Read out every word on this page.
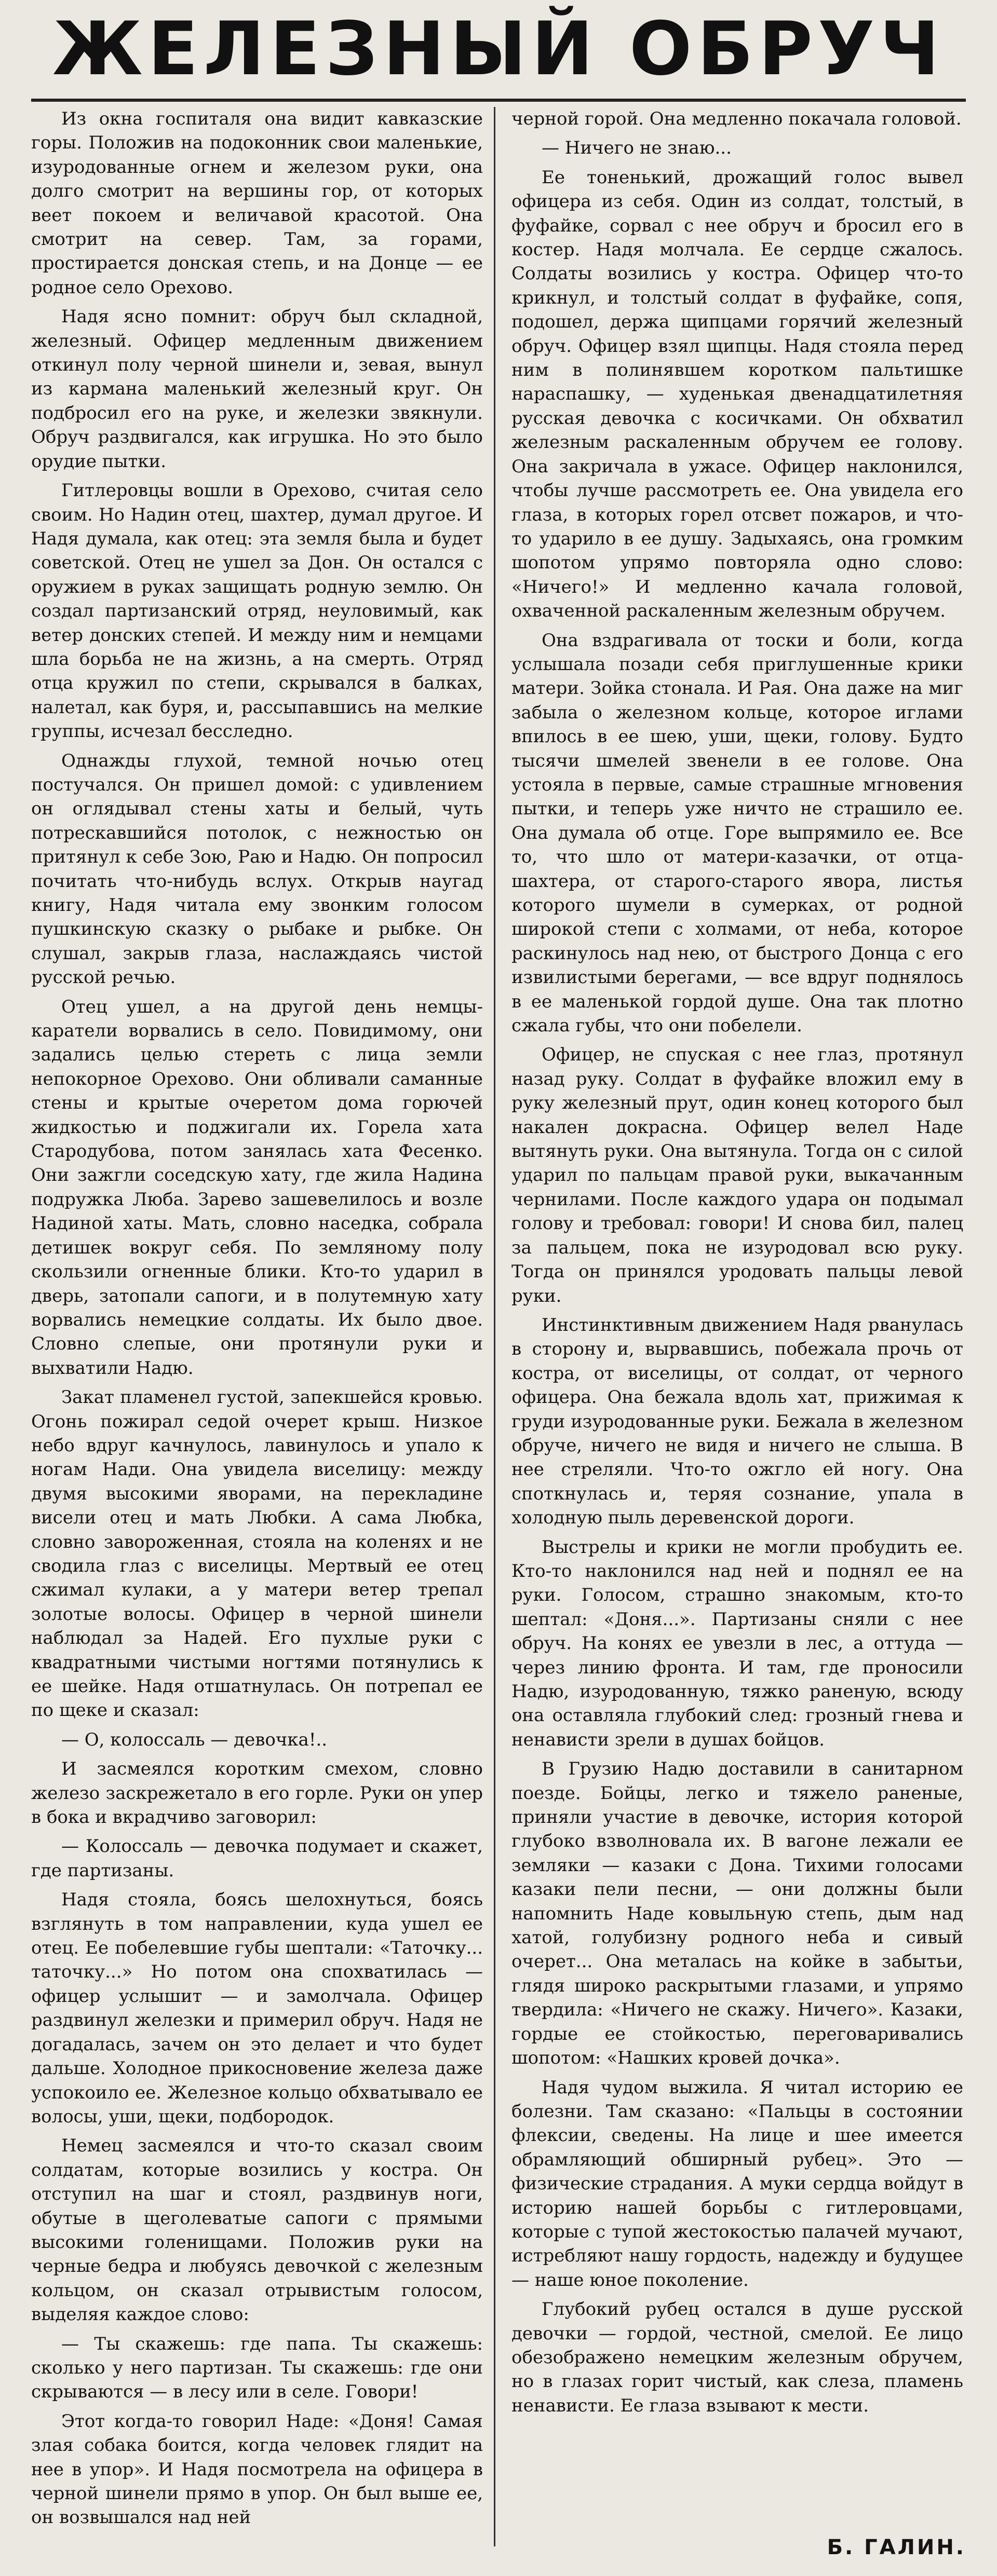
ЖЕЛЕЗНЫЙ ОБРУЧ

Из окна госпиталя она видит кавказские горы. Положив на подоконник свои маленькие, изуродованные огнем и железом руки, она долго смотрит на вершины гор, от которых веет покоем и величавой красотой. Она смотрит на север. Там, за горами, простирается донская степь, и на Донце — ее родное село Орехово.

Надя ясно помнит: обруч был складной, железный. Офицер медленным движением откинул полу черной шинели и, зевая, вынул из кармана маленький железный круг. Он подбросил его на руке, и железки звякнули. Обруч раздвигался, как игрушка. Но это было орудие пытки.

Гитлеровцы вошли в Орехово, считая село своим. Но Надин отец, шахтер, думал другое. И Надя думала, как отец: эта земля была и будет советской. Отец не ушел за Дон. Он остался с оружием в руках защищать родную землю. Он создал партизанский отряд, неуловимый, как ветер донских степей. И между ним и немцами шла борьба не на жизнь, а на смерть. Отряд отца кружил по степи, скрывался в балках, налетал, как буря, и, рассыпавшись на мелкие группы, исчезал бесследно.

Однажды глухой, темной ночью отец постучался. Он пришел домой: с удивлением он оглядывал стены хаты и белый, чуть потрескавшийся потолок, с нежностью он притянул к себе Зою, Раю и Надю. Он попросил почитать что-нибудь вслух. Открыв наугад книгу, Надя читала ему звонким голосом пушкинскую сказку о рыбаке и рыбке. Он слушал, закрыв глаза, наслаждаясь чистой русской речью.

Отец ушел, а на другой день немцы-каратели ворвались в село. Повидимому, они задались целью стереть с лица земли непокорное Орехово. Они обливали саманные стены и крытые очеретом дома горючей жидкостью и поджигали их. Горела хата Стародубова, потом занялась хата Фесенко. Они зажгли соседскую хату, где жила Надина подружка Люба. Зарево зашевелилось и возле Надиной хаты. Мать, словно наседка, собрала детишек вокруг себя. По земляному полу скользили огненные блики. Кто-то ударил в дверь, затопали сапоги, и в полутемную хату ворвались немецкие солдаты. Их было двое. Словно слепые, они протянули руки и выхватили Надю.

Закат пламенел густой, запекшейся кровью. Огонь пожирал седой очерет крыш. Низкое небо вдруг качнулось, лавинулось и упало к ногам Нади. Она увидела виселицу: между двумя высокими яворами, на перекладине висели отец и мать Любки. А сама Любка, словно завороженная, стояла на коленях и не сводила глаз с виселицы. Мертвый ее отец сжимал кулаки, а у матери ветер трепал золотые волосы. Офицер в черной шинели наблюдал за Надей. Его пухлые руки с квадратными чистыми ногтями потянулись к ее шейке. Надя отшатнулась. Он потрепал ее по щеке и сказал:

— О, колоссаль — девочка!..

И засмеялся коротким смехом, словно железо заскрежетало в его горле. Руки он упер в бока и вкрадчиво заговорил:

— Колоссаль — девочка подумает и скажет, где партизаны.

Надя стояла, боясь шелохнуться, боясь взглянуть в том направлении, куда ушел ее отец. Ее побелевшие губы шептали: «Таточку... таточку...» Но потом она спохватилась — офицер услышит — и замолчала. Офицер раздвинул железки и примерил обруч. Надя не догадалась, зачем он это делает и что будет дальше. Холодное прикосновение железа даже успокоило ее. Железное кольцо обхватывало ее волосы, уши, щеки, подбородок.

Немец засмеялся и что-то сказал своим солдатам, которые возились у костра. Он отступил на шаг и стоял, раздвинув ноги, обутые в щеголеватые сапоги с прямыми высокими голенищами. Положив руки на черные бедра и любуясь девочкой с железным кольцом, он сказал отрывистым голосом, выделяя каждое слово:

— Ты скажешь: где папа. Ты скажешь: сколько у него партизан. Ты скажешь: где они скрываются — в лесу или в селе. Говори!

Этот когда-то говорил Наде: «Доня! Самая злая собака боится, когда человек глядит на нее в упор». И Надя посмотрела на офицера в черной шинели прямо в упор. Он был выше ее, он возвышался над ней

черной горой. Она медленно покачала головой.

— Ничего не знаю...

Ее тоненький, дрожащий голос вывел офицера из себя. Один из солдат, толстый, в фуфайке, сорвал с нее обруч и бросил его в костер. Надя молчала. Ее сердце сжалось. Солдаты возились у костра. Офицер что-то крикнул, и толстый солдат в фуфайке, сопя, подошел, держа щипцами горячий железный обруч. Офицер взял щипцы. Надя стояла перед ним в полинявшем коротком пальтишке нараспашку, — худенькая двенадцатилетняя русская девочка с косичками. Он обхватил железным раскаленным обручем ее голову. Она закричала в ужасе. Офицер наклонился, чтобы лучше рассмотреть ее. Она увидела его глаза, в которых горел отсвет пожаров, и что-то ударило в ее душу. Задыхаясь, она громким шопотом упрямо повторяла одно слово: «Ничего!» И медленно качала головой, охваченной раскаленным железным обручем.

Она вздрагивала от тоски и боли, когда услышала позади себя приглушенные крики матери. Зойка стонала. И Рая. Она даже на миг забыла о железном кольце, которое иглами впилось в ее шею, уши, щеки, голову. Будто тысячи шмелей звенели в ее голове. Она устояла в первые, самые страшные мгновения пытки, и теперь уже ничто не страшило ее. Она думала об отце. Горе выпрямило ее. Все то, что шло от матери-казачки, от отца-шахтера, от старого-старого явора, листья которого шумели в сумерках, от родной широкой степи с холмами, от неба, которое раскинулось над нею, от быстрого Донца с его извилистыми берегами, — все вдруг поднялось в ее маленькой гордой душе. Она так плотно сжала губы, что они побелели.

Офицер, не спуская с нее глаз, протянул назад руку. Солдат в фуфайке вложил ему в руку железный прут, один конец которого был накален докрасна. Офицер велел Наде вытянуть руки. Она вытянула. Тогда он с силой ударил по пальцам правой руки, выкачанным чернилами. После каждого удара он подымал голову и требовал: говори! И снова бил, палец за пальцем, пока не изуродовал всю руку. Тогда он принялся уродовать пальцы левой руки.

Инстинктивным движением Надя рванулась в сторону и, вырвавшись, побежала прочь от костра, от виселицы, от солдат, от черного офицера. Она бежала вдоль хат, прижимая к груди изуродованные руки. Бежала в железном обруче, ничего не видя и ничего не слыша. В нее стреляли. Что-то ожгло ей ногу. Она споткнулась и, теряя сознание, упала в холодную пыль деревенской дороги.

Выстрелы и крики не могли пробудить ее. Кто-то наклонился над ней и поднял ее на руки. Голосом, страшно знакомым, кто-то шептал: «Доня...». Партизаны сняли с нее обруч. На конях ее увезли в лес, а оттуда — через линию фронта. И там, где проносили Надю, изуродованную, тяжко раненую, всюду она оставляла глубокий след: грозный гнева и ненависти зрели в душах бойцов.

В Грузию Надю доставили в санитарном поезде. Бойцы, легко и тяжело раненые, приняли участие в девочке, история которой глубоко взволновала их. В вагоне лежали ее земляки — казаки с Дона. Тихими голосами казаки пели песни, — они должны были напомнить Наде ковыльную степь, дым над хатой, голубизну родного неба и сивый очерет... Она металась на койке в забытьи, глядя широко раскрытыми глазами, и упрямо твердила: «Ничего не скажу. Ничего». Казаки, гордые ее стойкостью, переговаривались шопотом: «Нашких кровей дочка».

Надя чудом выжила. Я читал историю ее болезни. Там сказано: «Пальцы в состоянии флексии, сведены. На лице и шее имеется обрамляющий обширный рубец». Это — физические страдания. А муки сердца войдут в историю нашей борьбы с гитлеровцами, которые с тупой жестокостью палачей мучают, истребляют нашу гордость, надежду и будущее — наше юное поколение.

Глубокий рубец остался в душе русской девочки — гордой, честной, смелой. Ее лицо обезображено немецким железным обручем, но в глазах горит чистый, как слеза, пламень ненависти. Ее глаза взывают к мести.

Б. ГАЛИН.
